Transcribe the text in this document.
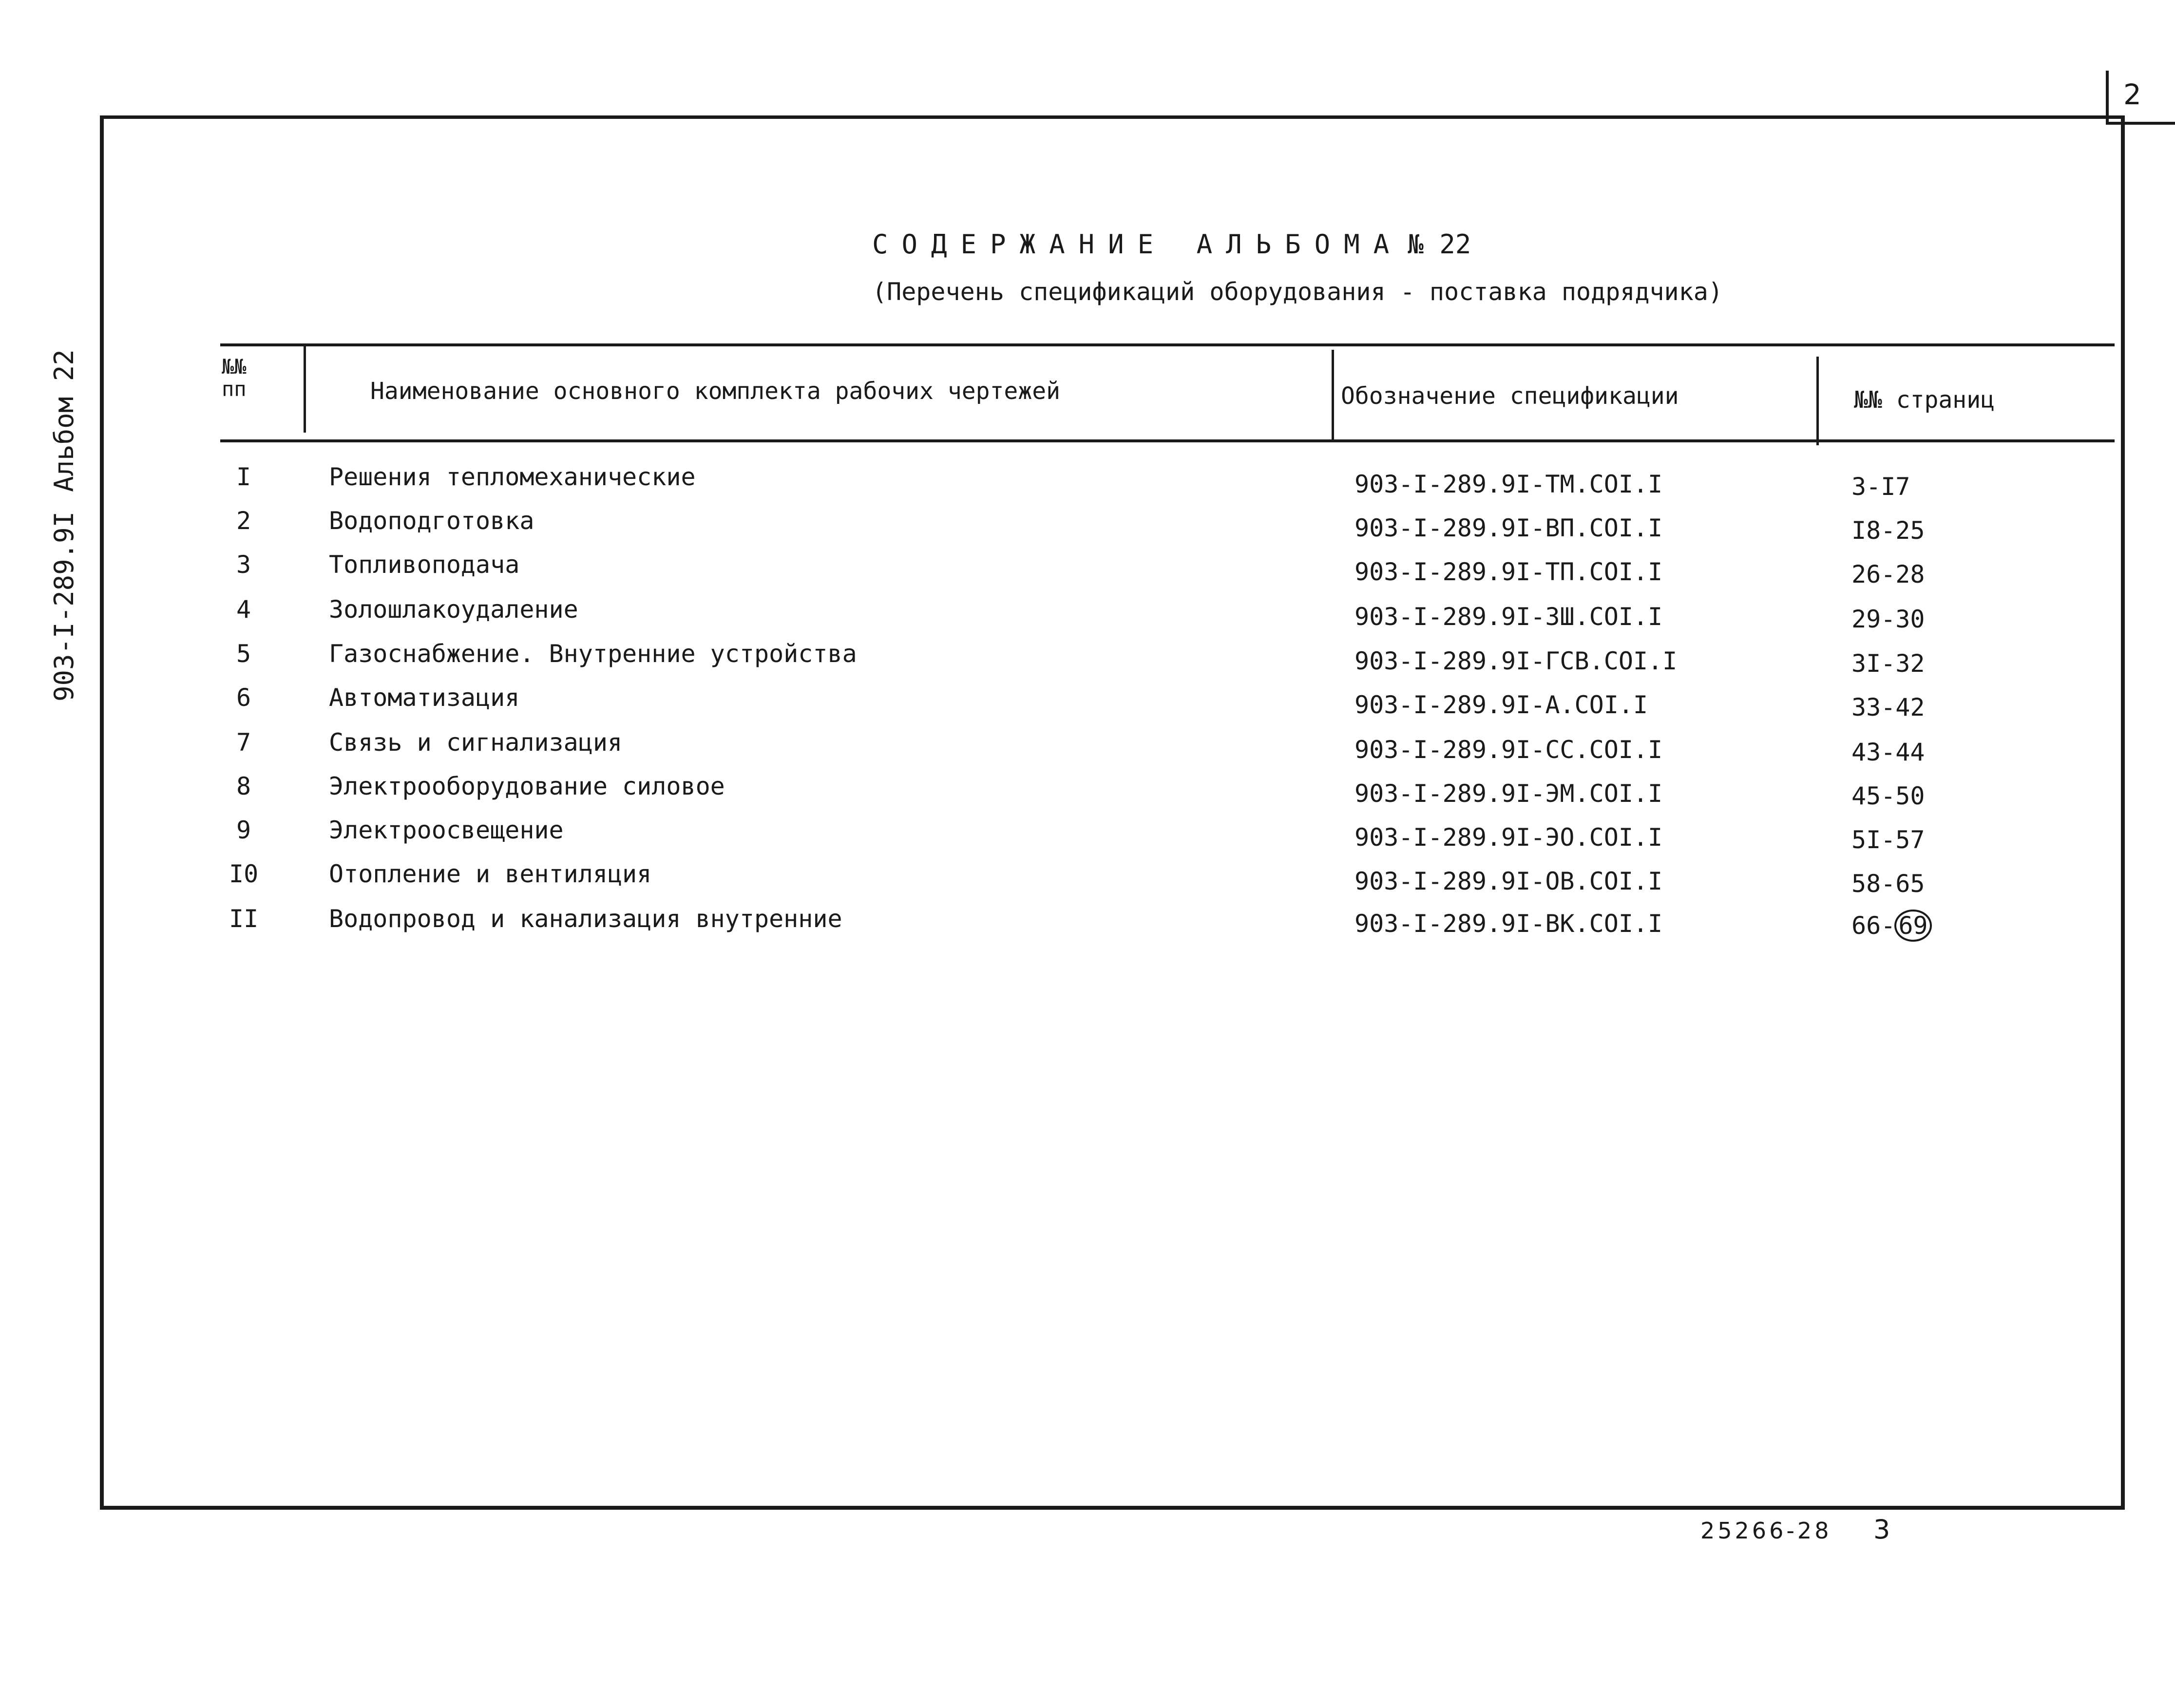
2
903-I-289.9IАльбом 22
СОДЕРЖАНИЕ АЛЬБОМА № 22
(Перечень спецификаций оборудования - поставка подрядчика)
№№
пп	Наименование основного комплекта рабочих чертежей	Обозначение спецификации	№№ страниц
I	Решения тепломеханические	903-I-289.9I-ТМ.СОI.I	3-I7
2	Водоподготовка	903-I-289.9I-ВП.СОI.I	I8-25
3	Топливоподача	903-I-289.9I-ТП.СОI.I	26-28
4	Золошлакоудаление	903-I-289.9I-ЗШ.СОI.I	29-30
5	Газоснабжение. Внутренние устройства	903-I-289.9I-ГСВ.СОI.I	3I-32
6	Автоматизация	903-I-289.9I-А.СОI.I	33-42
7	Связь и сигнализация	903-I-289.9I-СС.СОI.I	43-44
8	Электрооборудование силовое	903-I-289.9I-ЭМ.СОI.I	45-50
9	Электроосвещение	903-I-289.9I-ЭО.СОI.I	5I-57
I0	Отопление и вентиляция	903-I-289.9I-ОВ.СОI.I	58-65
II	Водопровод и канализация внутренние	903-I-289.9I-ВК.СОI.I	66- 69
25266-28 3
